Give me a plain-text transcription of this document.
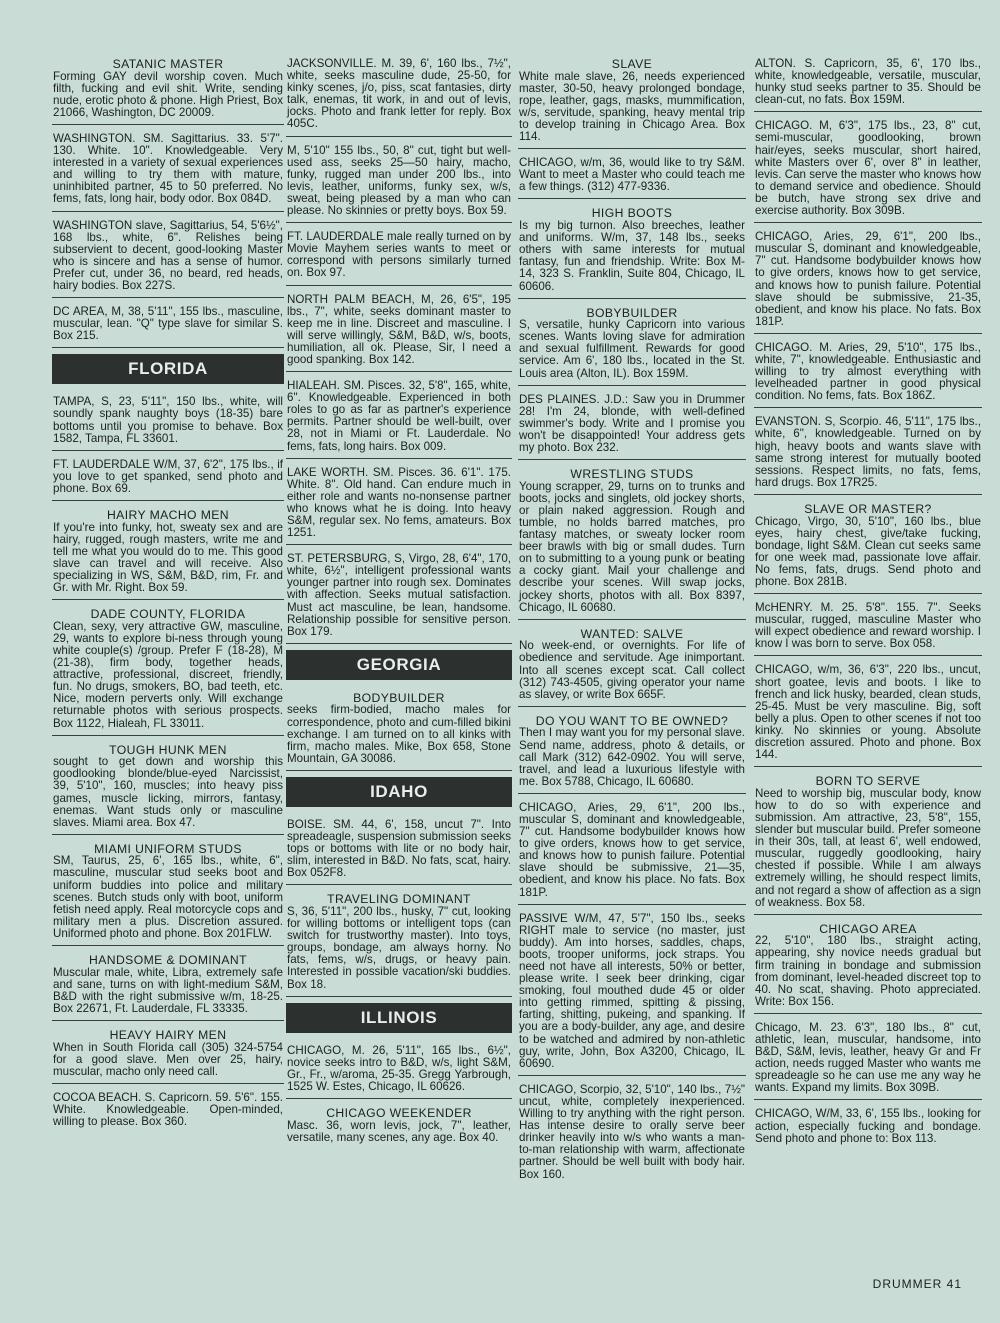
SATANIC MASTER

Forming GAY devil worship coven. Much filth, fucking and evil shit. Write, sending nude, erotic photo & phone. High Priest, Box 21066, Washington, DC 20009.

WASHINGTON. SM. Sagittarius. 33. 5'7". 130. White. 10". Knowledgeable. Very interested in a variety of sexual experiences and willing to try them with mature, uninhibited partner, 45 to 50 preferred. No fems, fats, long hair, body odor. Box 084D.

WASHINGTON slave, Sagittarius, 54, 5'6½", 168 lbs., white, 6". Relishes being subservient to decent, good-looking Master who is sincere and has a sense of humor. Prefer cut, under 36, no beard, red heads, hairy bodies. Box 227S.

DC AREA, M, 38, 5'11", 155 lbs., masculine, muscular, lean. "Q" type slave for similar S. Box 215.

FLORIDA

TAMPA, S, 23, 5'11", 150 lbs., white, will soundly spank naughty boys (18-35) bare bottoms until you promise to behave. Box 1582, Tampa, FL 33601.

FT. LAUDERDALE W/M, 37, 6'2", 175 lbs., if you love to get spanked, send photo and phone. Box 69.

HAIRY MACHO MEN

If you're into funky, hot, sweaty sex and are hairy, rugged, rough masters, write me and tell me what you would do to me. This good slave can travel and will receive. Also specializing in WS, S&M, B&D, rim, Fr. and Gr. with Mr. Right. Box 59.

DADE COUNTY, FLORIDA

Clean, sexy, very attractive GW, masculine, 29, wants to explore bi-ness through young white couple(s) /group. Prefer F (18-28), M (21-38), firm body, together heads, attractive, professional, discreet, friendly, fun. No drugs, smokers, BO, bad teeth, etc. Nice, modern perverts only. Will exchange returnable photos with serious prospects. Box 1122, Hialeah, FL 33011.

TOUGH HUNK MEN

sought to get down and worship this goodlooking blonde/blue-eyed Narcissist, 39, 5'10", 160, muscles; into heavy piss games, muscle licking, mirrors, fantasy, enemas. Want studs only or masculine slaves. Miami area. Box 47.

MIAMI UNIFORM STUDS

SM, Taurus, 25, 6', 165 lbs., white, 6", masculine, muscular stud seeks boot and uniform buddies into police and military scenes. Butch studs only with boot, uniform fetish need apply. Real motorcycle cops and military men a plus. Discretion assured. Uniformed photo and phone. Box 201FLW.

HANDSOME & DOMINANT

Muscular male, white, Libra, extremely safe and sane, turns on with light-medium S&M, B&D with the right submissive w/m, 18-25. Box 22671, Ft. Lauderdale, FL 33335.

HEAVY HAIRY MEN

When in South Florida call (305) 324-5754 for a good slave. Men over 25, hairy, muscular, macho only need call.

COCOA BEACH. S. Capricorn. 59. 5'6". 155. White. Knowledgeable. Open-minded, willing to please. Box 360.

JACKSONVILLE. M. 39, 6', 160 lbs., 7½", white, seeks masculine dude, 25-50, for kinky scenes, j/o, piss, scat fantasies, dirty talk, enemas, tit work, in and out of levis, jocks. Photo and frank letter for reply. Box 405C.

M, 5'10" 155 lbs., 50, 8" cut, tight but well-used ass, seeks 25—50 hairy, macho, funky, rugged man under 200 lbs., into levis, leather, uniforms, funky sex, w/s, sweat, being pleased by a man who can please. No skinnies or pretty boys. Box 59.

FT. LAUDERDALE male really turned on by Movie Mayhem series wants to meet or correspond with persons similarly turned on. Box 97.

NORTH PALM BEACH, M, 26, 6'5", 195 lbs., 7", white, seeks dominant master to keep me in line. Discreet and masculine. I will serve willingly, S&M, B&D, w/s, boots, humiliation, all ok. Please, Sir, I need a good spanking. Box 142.

HIALEAH. SM. Pisces. 32, 5'8", 165, white, 6". Knowledgeable. Experienced in both roles to go as far as partner's experience permits. Partner should be well-built, over 28, not in Miami or Ft. Lauderdale. No fems, fats, long hairs. Box 009.

LAKE WORTH. SM. Pisces. 36. 6'1". 175. White. 8". Old hand. Can endure much in either role and wants no-nonsense partner who knows what he is doing. Into heavy S&M, regular sex. No fems, amateurs. Box 1251.

ST. PETERSBURG, S, Virgo, 28, 6'4", 170, white, 6½", intelligent professional wants younger partner into rough sex. Dominates with affection. Seeks mutual satisfaction. Must act masculine, be lean, handsome. Relationship possible for sensitive person. Box 179.

GEORGIA
BODYBUILDER

seeks firm-bodied, macho males for correspondence, photo and cum-filled bikini exchange. I am turned on to all kinks with firm, macho males. Mike, Box 658, Stone Mountain, GA 30086.

IDAHO

BOISE. SM. 44, 6', 158, uncut 7". Into spreadeagle, suspension submission seeks tops or bottoms with lite or no body hair, slim, interested in B&D. No fats, scat, hairy. Box 052F8.

TRAVELING DOMINANT

S, 36, 5'11", 200 lbs., husky, 7" cut, looking for willing bottoms or intelligent tops (can switch for trustworthy master). Into toys, groups, bondage, am always horny. No fats, fems, w/s, drugs, or heavy pain. Interested in possible vacation/ski buddies. Box 18.

ILLINOIS

CHICAGO, M. 26, 5'11", 165 lbs., 6½", novice seeks intro to B&D, w/s, light S&M, Gr., Fr., w/aroma, 25-35. Gregg Yarbrough, 1525 W. Estes, Chicago, IL 60626.

CHICAGO WEEKENDER

Masc. 36, worn levis, jock, 7", leather, versatile, many scenes, any age. Box 40.

SLAVE

White male slave, 26, needs experienced master, 30-50, heavy prolonged bondage, rope, leather, gags, masks, mummification, w/s, servitude, spanking, heavy mental trip to develop training in Chicago Area. Box 114.

CHICAGO, w/m, 36, would like to try S&M. Want to meet a Master who could teach me a few things. (312) 477-9336.

HIGH BOOTS

Is my big turnon. Also breeches, leather and uniforms. W/m, 37, 148 lbs., seeks others with same interests for mutual fantasy, fun and friendship. Write: Box M-14, 323 S. Franklin, Suite 804, Chicago, IL 60606.

BOBYBUILDER

S, versatile, hunky Capricorn into various scenes. Wants loving slave for admiration and sexual fulfillment. Rewards for good service. Am 6', 180 lbs., located in the St. Louis area (Alton, IL). Box 159M.

DES PLAINES. J.D.: Saw you in Drummer 28! I'm 24, blonde, with well-defined swimmer's body. Write and I promise you won't be disappointed! Your address gets my photo. Box 232.

WRESTLING STUDS

Young scrapper, 29, turns on to trunks and boots, jocks and singlets, old jockey shorts, or plain naked aggression. Rough and tumble, no holds barred matches, pro fantasy matches, or sweaty locker room beer brawls with big or small dudes. Turn on to submitting to a young punk or beating a cocky giant. Mail your challenge and describe your scenes. Will swap jocks, jockey shorts, photos with all. Box 8397, Chicago, IL 60680.

WANTED: SALVE

No week-end, or overnights. For life of obedience and servitude. Age inimportant. Into all scenes except scat. Call collect (312) 743-4505, giving operator your name as slavey, or write Box 665F.

DO YOU WANT TO BE OWNED?

Then I may want you for my personal slave. Send name, address, photo & details, or call Mark (312) 642-0902. You will serve, travel, and lead a luxurious lifestyle with me. Box 5788, Chicago, IL 60680.

CHICAGO, Aries, 29, 6'1", 200 lbs., muscular S, dominant and knowledgeable, 7" cut. Handsome bodybuilder knows how to give orders, knows how to get service, and knows how to punish failure. Potential slave should be submissive, 21—35, obedient, and know his place. No fats. Box 181P.

PASSIVE W/M, 47, 5'7", 150 lbs., seeks RIGHT male to service (no master, just buddy). Am into horses, saddles, chaps, boots, trooper uniforms, jock straps. You need not have all interests, 50% or better, please write. I seek beer drinking, cigar smoking, foul mouthed dude 45 or older into getting rimmed, spitting & pissing, farting, shitting, pukeing, and spanking. If you are a body-builder, any age, and desire to be watched and admired by non-athletic guy, write, John, Box A3200, Chicago, IL 60690.

CHICAGO, Scorpio, 32, 5'10", 140 lbs., 7½" uncut, white, completely inexperienced. Willing to try anything with the right person. Has intense desire to orally serve beer drinker heavily into w/s who wants a man-to-man relationship with warm, affectionate partner. Should be well built with body hair. Box 160.

ALTON. S. Capricorn, 35, 6', 170 lbs., white, knowledgeable, versatile, muscular, hunky stud seeks partner to 35. Should be clean-cut, no fats. Box 159M.

CHICAGO. M, 6'3", 175 lbs., 23, 8" cut, semi-muscular, goodlooking, brown hair/eyes, seeks muscular, short haired, white Masters over 6', over 8" in leather, levis. Can serve the master who knows how to demand service and obedience. Should be butch, have strong sex drive and exercise authority. Box 309B.

CHICAGO, Aries, 29, 6'1", 200 lbs., muscular S, dominant and knowledgeable, 7" cut. Handsome bodybuilder knows how to give orders, knows how to get service, and knows how to punish failure. Potential slave should be submissive, 21-35, obedient, and know his place. No fats. Box 181P.

CHICAGO. M. Aries, 29, 5'10", 175 lbs., white, 7", knowledgeable. Enthusiastic and willing to try almost everything with levelheaded partner in good physical condition. No fems, fats. Box 186Z.

EVANSTON. S, Scorpio. 46, 5'11", 175 lbs., white, 6", knowledgeable. Turned on by high, heavy boots and wants slave with same strong interest for mutually booted sessions. Respect limits, no fats, fems, hard drugs. Box 17R25.

SLAVE OR MASTER?

Chicago, Virgo, 30, 5'10", 160 lbs., blue eyes, hairy chest, give/take fucking, bondage, light S&M. Clean cut seeks same for one week mad, passionate love affair. No fems, fats, drugs. Send photo and phone. Box 281B.

McHENRY. M. 25. 5'8". 155. 7". Seeks muscular, rugged, masculine Master who will expect obedience and reward worship. I know I was born to serve. Box 058.

CHICAGO, w/m, 36, 6'3", 220 lbs., uncut, short goatee, levis and boots. I like to french and lick husky, bearded, clean studs, 25-45. Must be very masculine. Big, soft belly a plus. Open to other scenes if not too kinky. No skinnies or young. Absolute discretion assured. Photo and phone. Box 144.

BORN TO SERVE

Need to worship big, muscular body, know how to do so with experience and submission. Am attractive, 23, 5'8", 155, slender but muscular build. Prefer someone in their 30s, tall, at least 6', well endowed, muscular, ruggedly goodlooking, hairy chested if possible. While I am always extremely willing, he should respect limits, and not regard a show of affection as a sign of weakness. Box 58.

CHICAGO AREA

22, 5'10", 180 lbs., straight acting, appearing, shy novice needs gradual but firm training in bondage and submission from dominant, level-headed discreet top to 40. No scat, shaving. Photo appreciated. Write: Box 156.

Chicago, M. 23. 6'3", 180 lbs., 8" cut, athletic, lean, muscular, handsome, into B&D, S&M, levis, leather, heavy Gr and Fr action, needs rugged Master who wants me spreadeagle so he can use me any way he wants. Expand my limits. Box 309B.

CHICAGO, W/M, 33, 6', 155 lbs., looking for action, especially fucking and bondage. Send photo and phone to: Box 113.

DRUMMER 41
